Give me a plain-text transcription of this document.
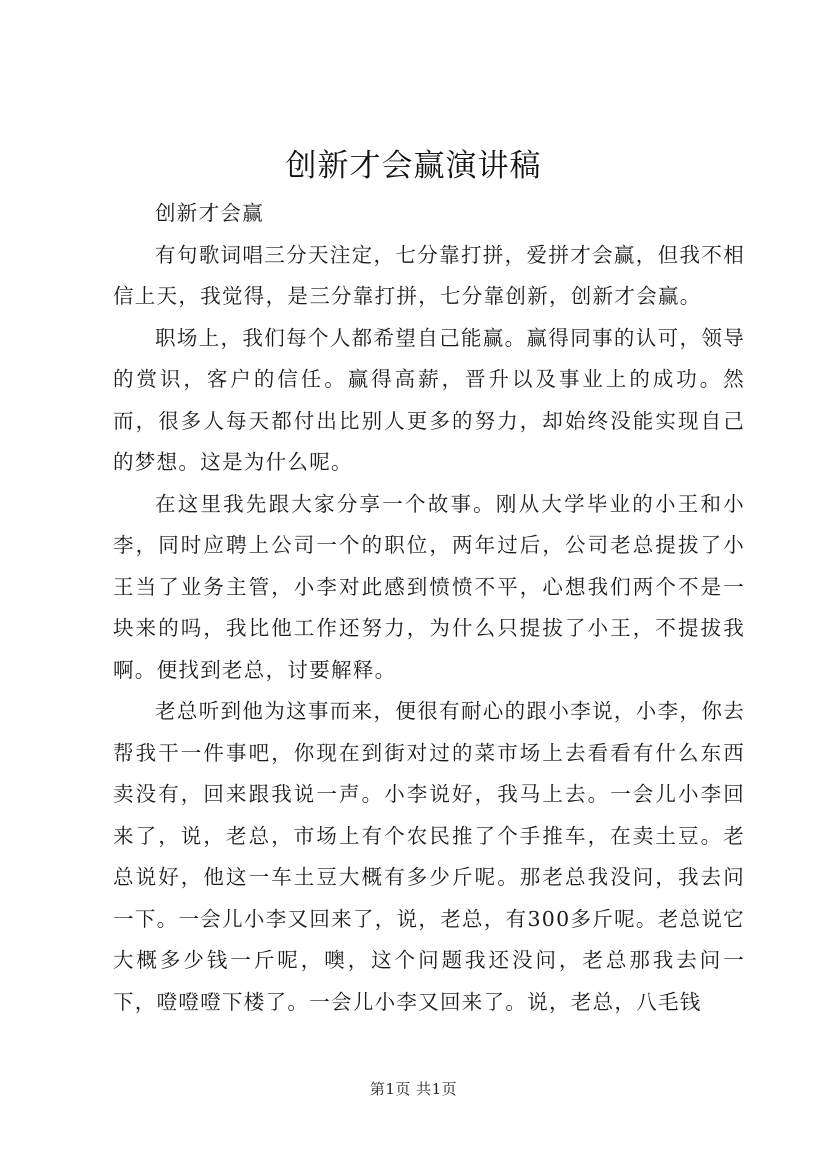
创新才会赢演讲稿

创新才会赢

有句歌词唱三分天注定，七分靠打拼，爱拼才会赢，但我不相信上天，我觉得，是三分靠打拼，七分靠创新，创新才会赢。

职场上，我们每个人都希望自己能赢。赢得同事的认可，领导的赏识，客户的信任。赢得高薪，晋升以及事业上的成功。然而，很多人每天都付出比别人更多的努力，却始终没能实现自己的梦想。这是为什么呢。

在这里我先跟大家分享一个故事。刚从大学毕业的小王和小李，同时应聘上公司一个的职位，两年过后，公司老总提拔了小王当了业务主管，小李对此感到愤愤不平，心想我们两个不是一块来的吗，我比他工作还努力，为什么只提拔了小王，不提拔我啊。便找到老总，讨要解释。

老总听到他为这事而来，便很有耐心的跟小李说，小李，你去帮我干一件事吧，你现在到街对过的菜市场上去看看有什么东西卖没有，回来跟我说一声。小李说好，我马上去。一会儿小李回来了，说，老总，市场上有个农民推了个手推车，在卖土豆。老总说好，他这一车土豆大概有多少斤呢。那老总我没问，我去问一下。一会儿小李又回来了，说，老总，有300多斤呢。老总说它大概多少钱一斤呢，噢，这个问题我还没问，老总那我去问一下，噔噔噔下楼了。一会儿小李又回来了。说，老总，八毛钱

第1页 共1页
